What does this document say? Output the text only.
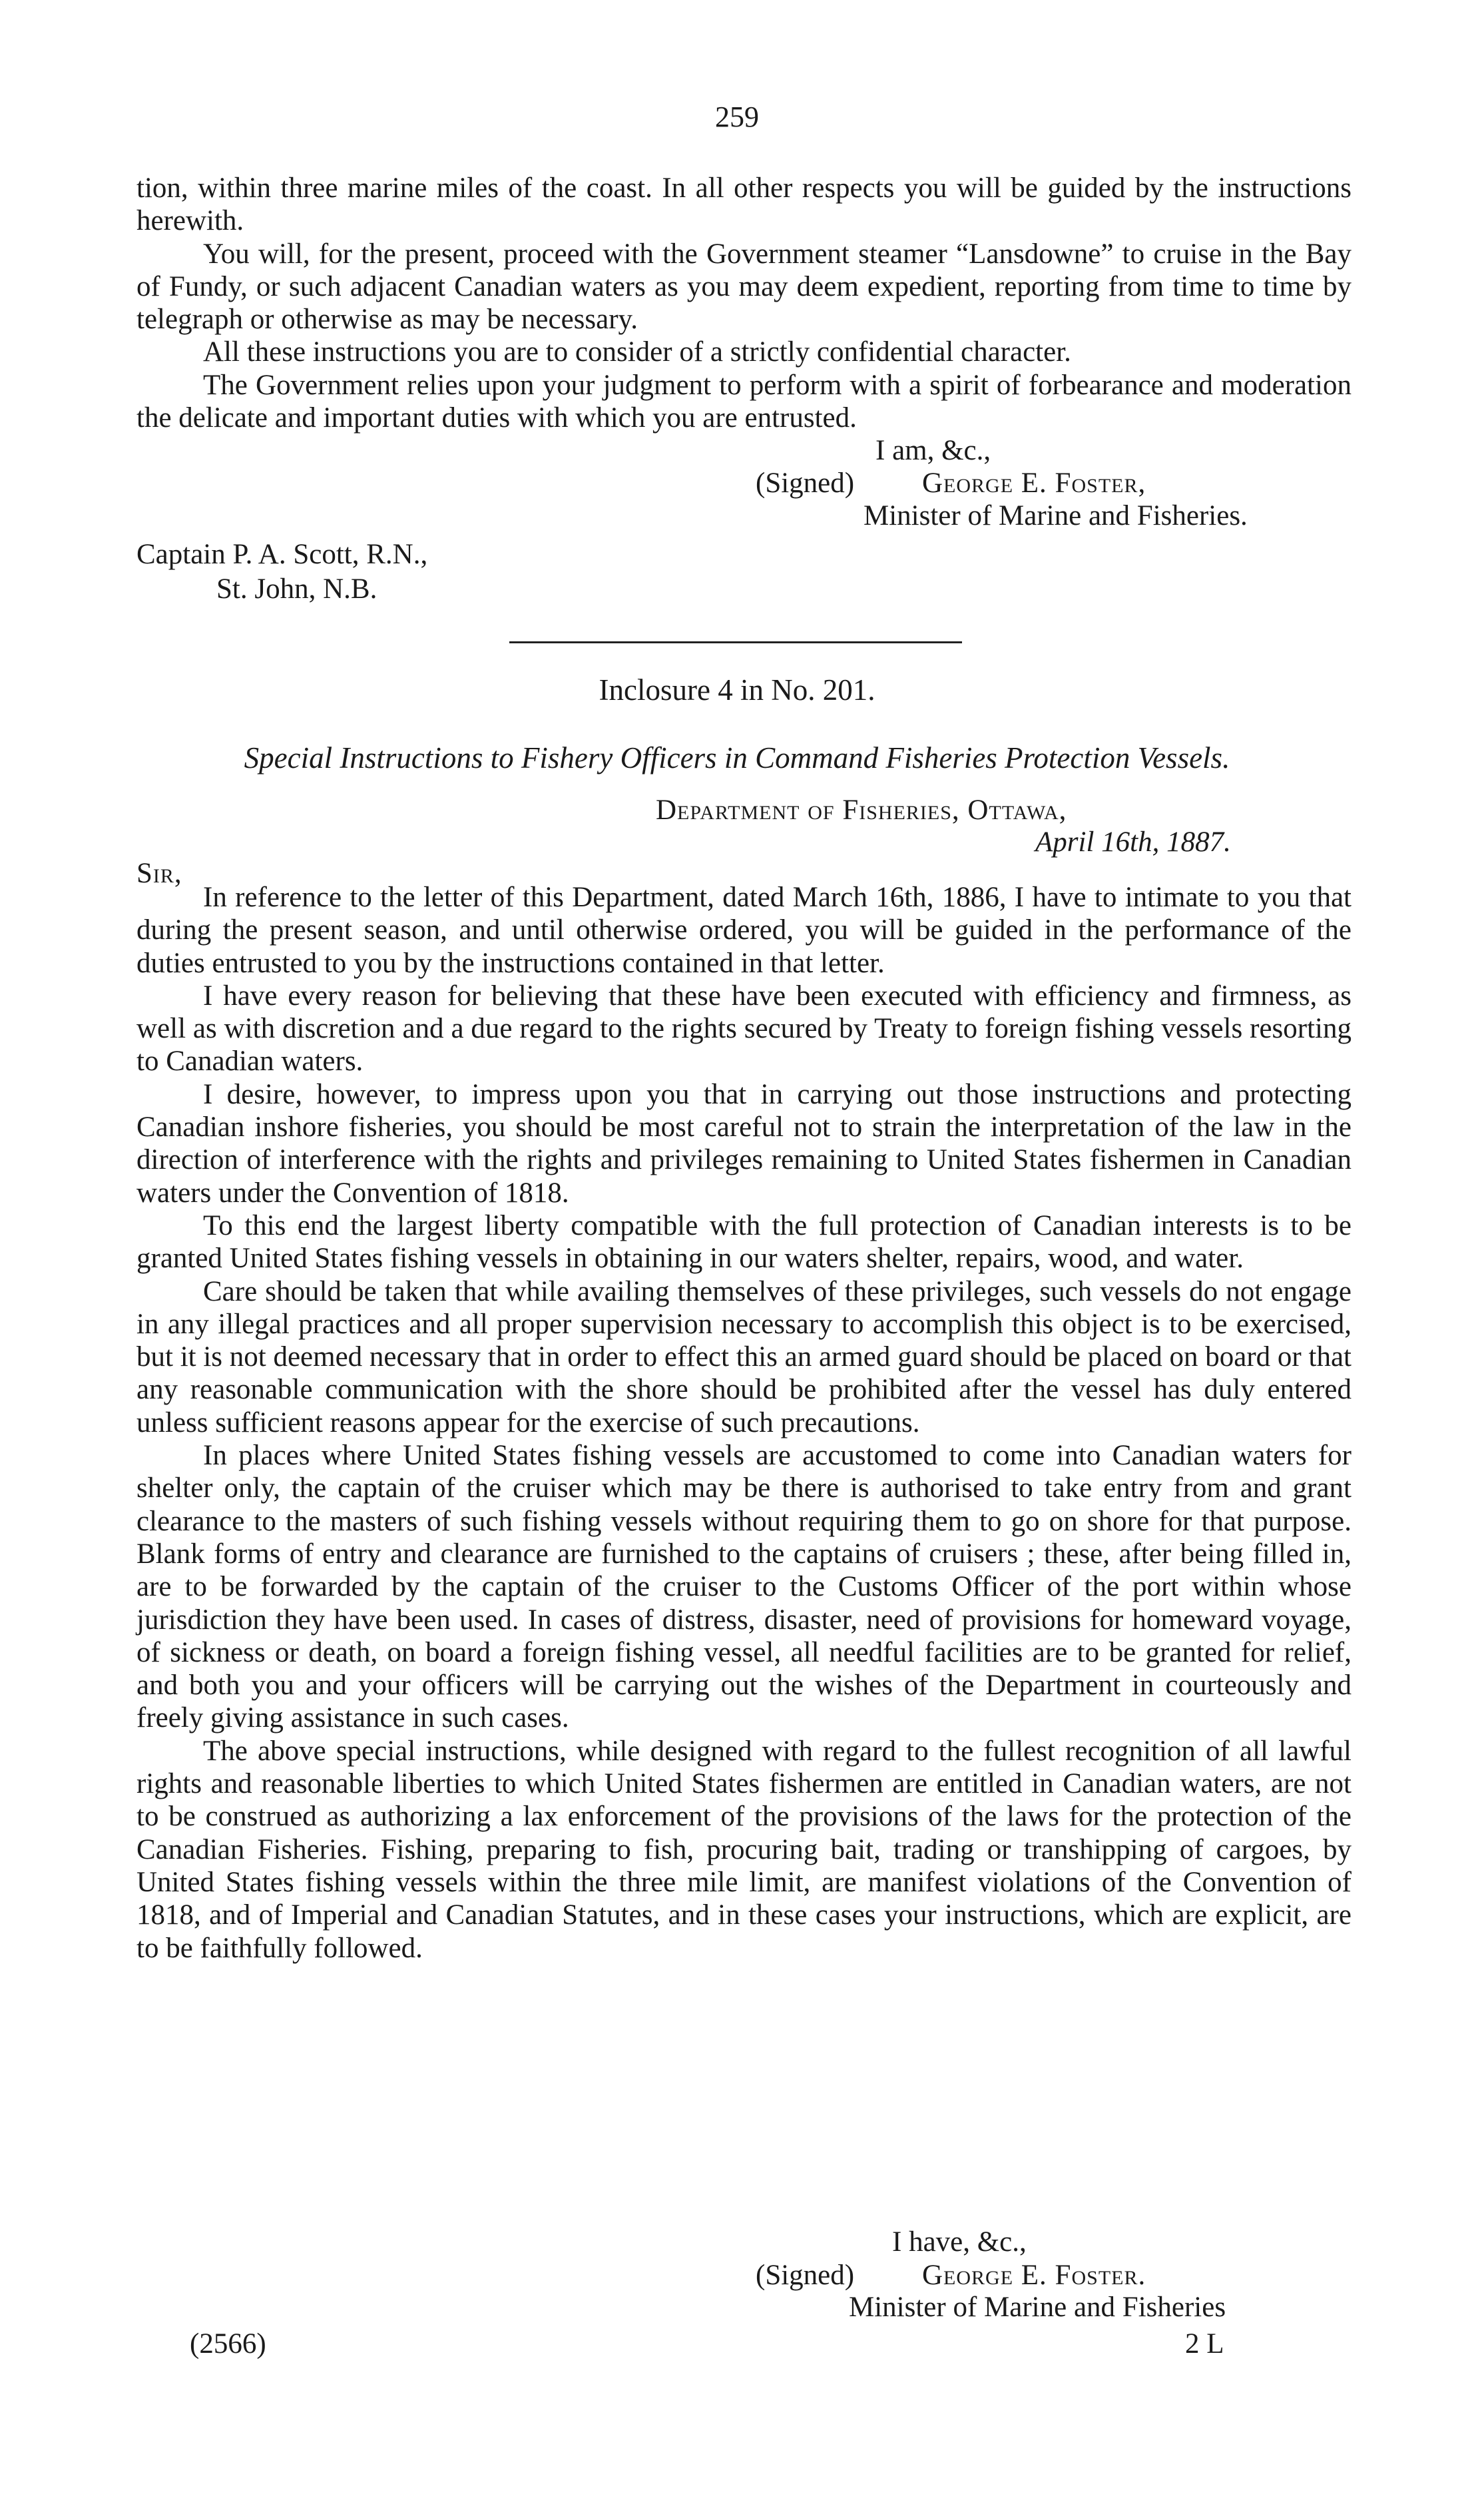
259

tion, within three marine miles of the coast. In all other respects you will be guided by the instructions herewith.

You will, for the present, proceed with the Government steamer “Lansdowne” to cruise in the Bay of Fundy, or such adjacent Canadian waters as you may deem expedient, reporting from time to time by telegraph or otherwise as may be necessary.

All these instructions you are to consider of a strictly confidential character.

The Government relies upon your judgment to perform with a spirit of forbearance and moderation the delicate and important duties with which you are entrusted.

I am, &c.,
(Signed) George E. Foster,
Minister of Marine and Fisheries.
Captain P. A. Scott, R.N.,
St. John, N.B.
Inclosure 4 in No. 201.
Special Instructions to Fishery Officers in Command Fisheries Protection Vessels.
Department of Fisheries, Ottawa,
April 16th, 1887.
Sir,

In reference to the letter of this Department, dated March 16th, 1886, I have to intimate to you that during the present season, and until otherwise ordered, you will be guided in the performance of the duties entrusted to you by the instructions contained in that letter.

I have every reason for believing that these have been executed with efficiency and firmness, as well as with discretion and a due regard to the rights secured by Treaty to foreign fishing vessels resorting to Canadian waters.

I desire, however, to impress upon you that in carrying out those instructions and protecting Canadian inshore fisheries, you should be most careful not to strain the interpretation of the law in the direction of interference with the rights and privileges remaining to United States fishermen in Canadian waters under the Convention of 1818.

To this end the largest liberty compatible with the full protection of Canadian interests is to be granted United States fishing vessels in obtaining in our waters shelter, repairs, wood, and water.

Care should be taken that while availing themselves of these privileges, such vessels do not engage in any illegal practices and all proper supervision necessary to accomplish this object is to be exercised, but it is not deemed necessary that in order to effect this an armed guard should be placed on board or that any reasonable communication with the shore should be prohibited after the vessel has duly entered unless sufficient reasons appear for the exercise of such precautions.

In places where United States fishing vessels are accustomed to come into Canadian waters for shelter only, the captain of the cruiser which may be there is authorised to take entry from and grant clearance to the masters of such fishing vessels without requiring them to go on shore for that purpose. Blank forms of entry and clearance are furnished to the captains of cruisers ; these, after being filled in, are to be forwarded by the captain of the cruiser to the Customs Officer of the port within whose jurisdiction they have been used. In cases of distress, disaster, need of provisions for homeward voyage, of sickness or death, on board a foreign fishing vessel, all needful facilities are to be granted for relief, and both you and your officers will be carrying out the wishes of the Department in courteously and freely giving assistance in such cases.

The above special instructions, while designed with regard to the fullest recognition of all lawful rights and reasonable liberties to which United States fishermen are entitled in Canadian waters, are not to be construed as authorizing a lax enforcement of the provisions of the laws for the protection of the Canadian Fisheries. Fishing, preparing to fish, procuring bait, trading or transhipping of cargoes, by United States fishing vessels within the three mile limit, are manifest violations of the Convention of 1818, and of Imperial and Canadian Statutes, and in these cases your instructions, which are explicit, are to be faithfully followed.

I have, &c.,
(Signed) George E. Foster.
Minister of Marine and Fisheries
(2566)	2 L
